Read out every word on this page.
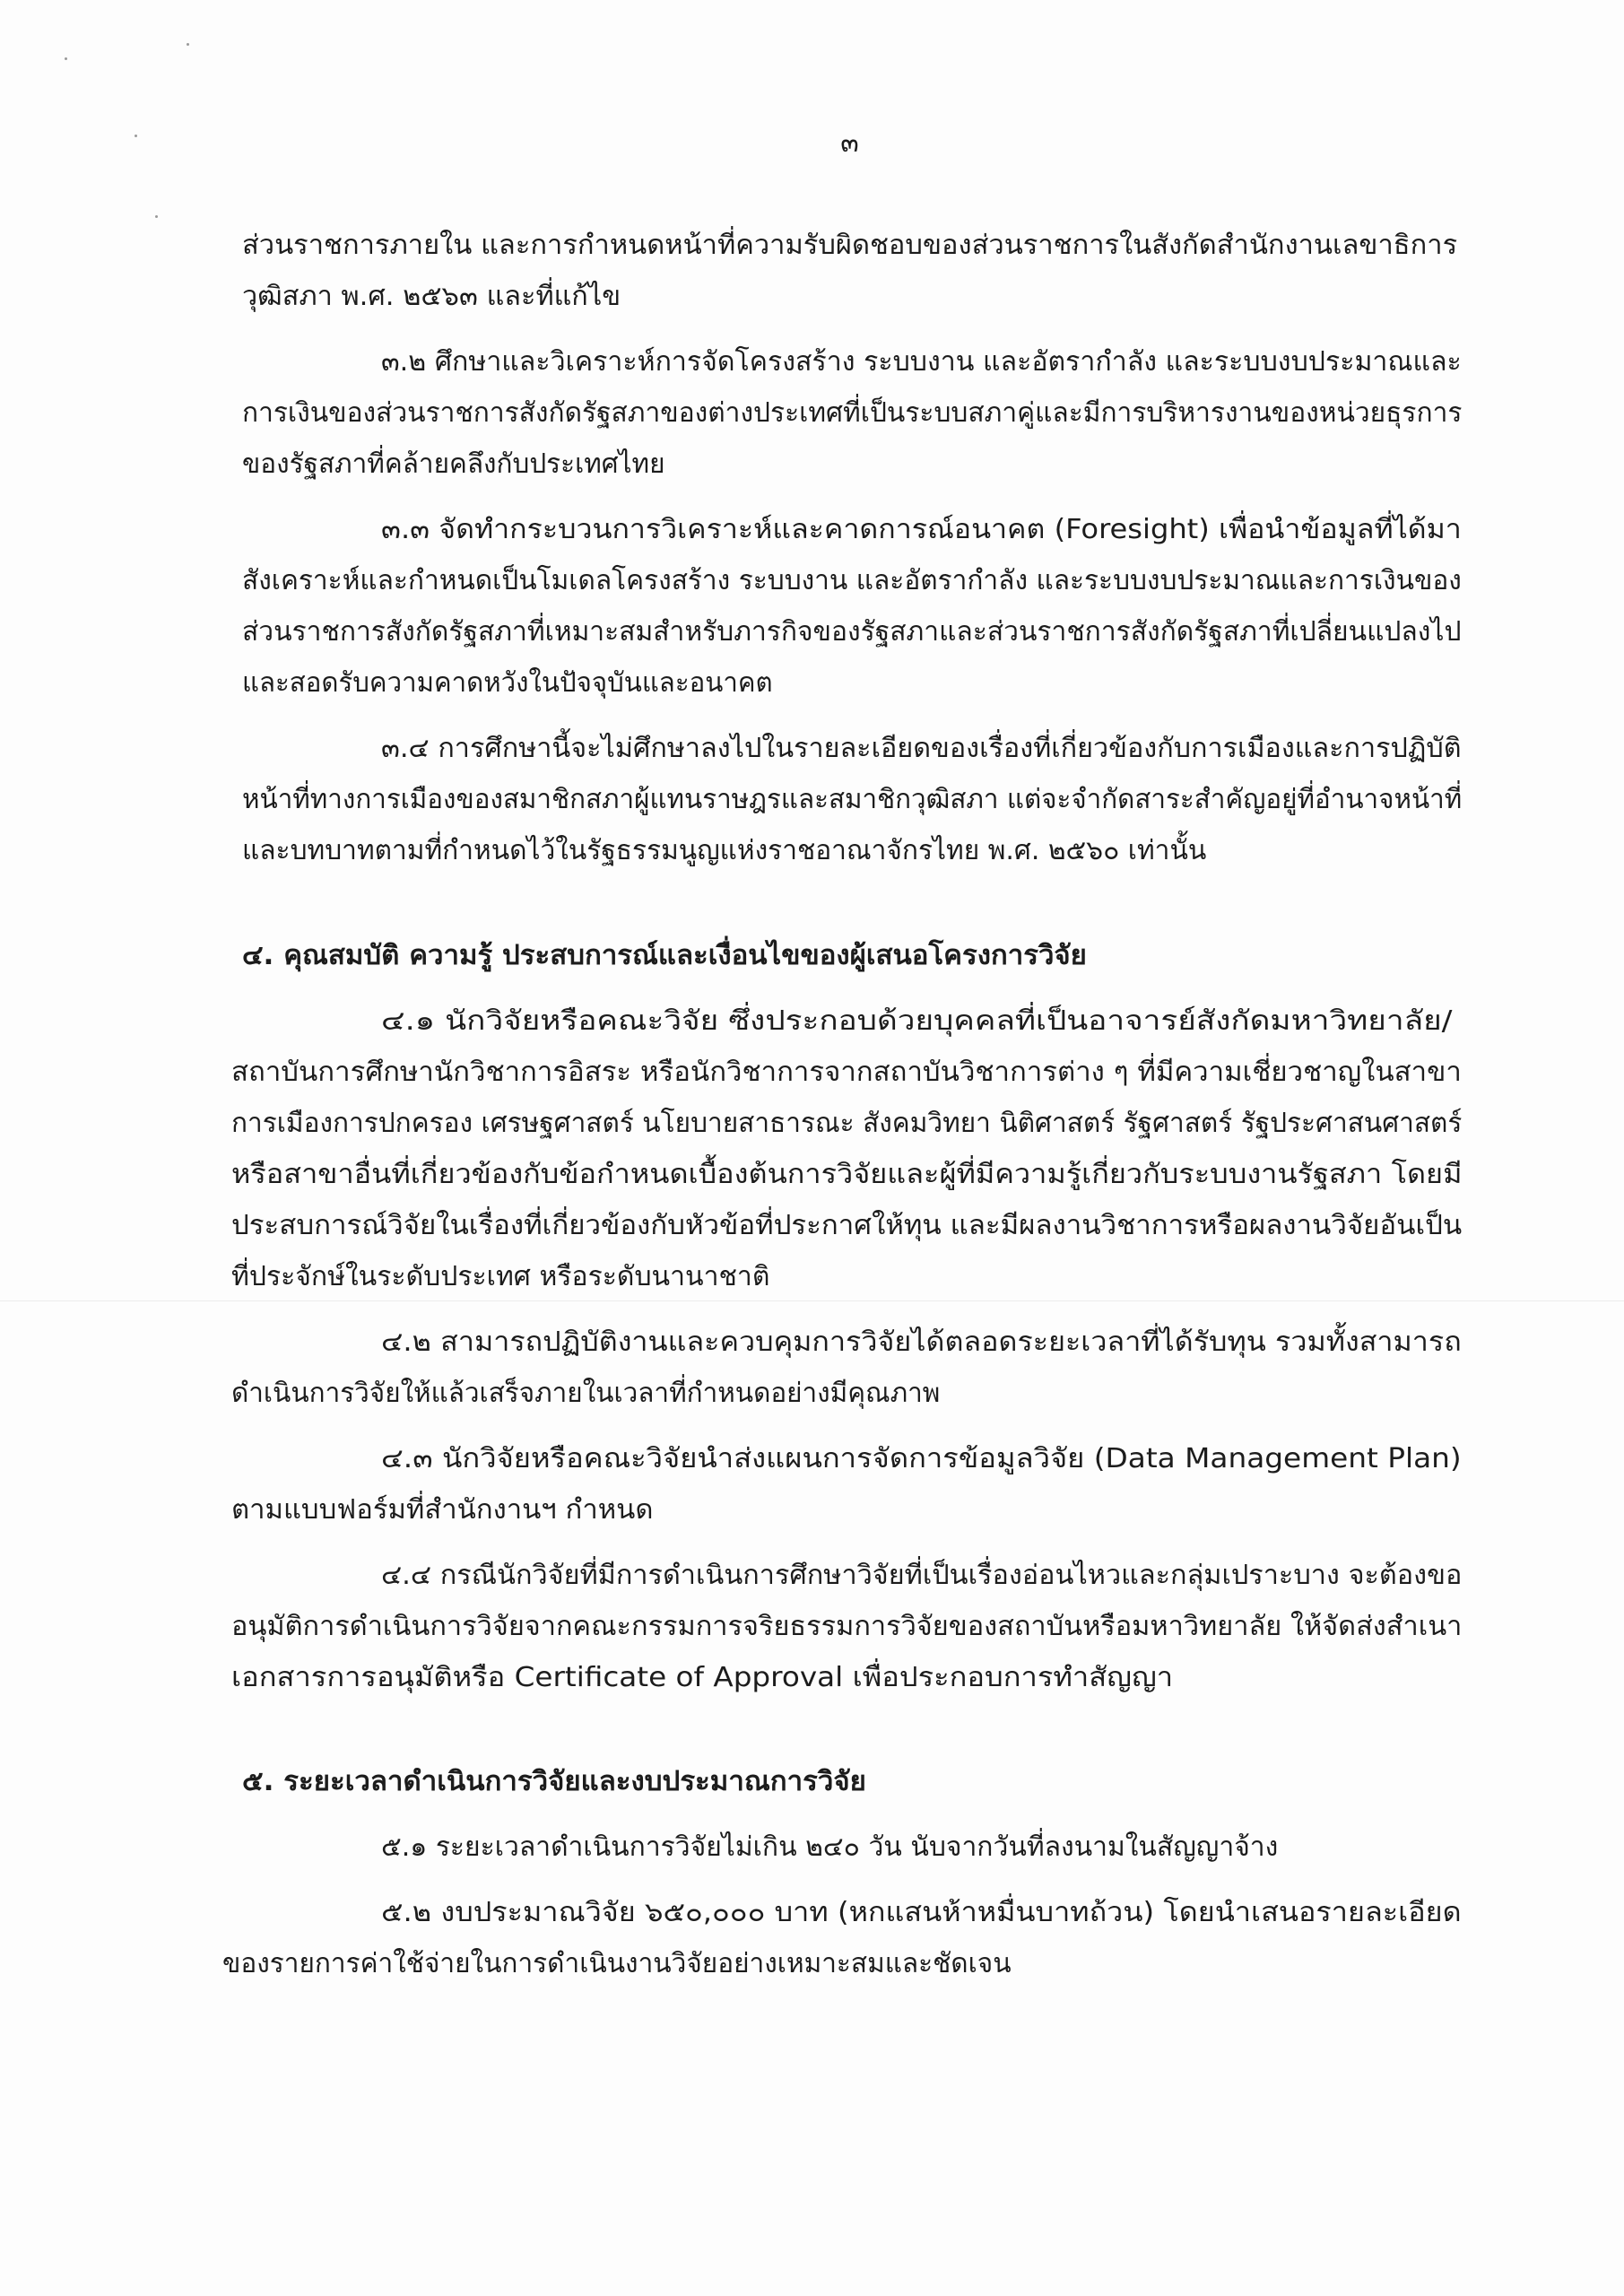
๓
ส่วนราชการภายใน และการกำหนดหน้าที่ความรับผิดชอบของส่วนราชการในสังกัดสำนักงานเลขาธิการ
วุฒิสภา พ.ศ. ๒๕๖๓ และที่แก้ไข
๓.๒ ศึกษาและวิเคราะห์การจัดโครงสร้าง ระบบงาน และอัตรากำลัง และระบบงบประมาณและ
การเงินของส่วนราชการสังกัดรัฐสภาของต่างประเทศที่เป็นระบบสภาคู่และมีการบริหารงานของหน่วยธุรการ
ของรัฐสภาที่คล้ายคลึงกับประเทศไทย
๓.๓ จัดทำกระบวนการวิเคราะห์และคาดการณ์อนาคต (Foresight) เพื่อนำข้อมูลที่ได้มา
สังเคราะห์และกำหนดเป็นโมเดลโครงสร้าง ระบบงาน และอัตรากำลัง และระบบงบประมาณและการเงินของ
ส่วนราชการสังกัดรัฐสภาที่เหมาะสมสำหรับภารกิจของรัฐสภาและส่วนราชการสังกัดรัฐสภาที่เปลี่ยนแปลงไป
และสอดรับความคาดหวังในปัจจุบันและอนาคต
๓.๔ การศึกษานี้จะไม่ศึกษาลงไปในรายละเอียดของเรื่องที่เกี่ยวข้องกับการเมืองและการปฏิบัติ
หน้าที่ทางการเมืองของสมาชิกสภาผู้แทนราษฎรและสมาชิกวุฒิสภา แต่จะจำกัดสาระสำคัญอยู่ที่อำนาจหน้าที่
และบทบาทตามที่กำหนดไว้ในรัฐธรรมนูญแห่งราชอาณาจักรไทย พ.ศ. ๒๕๖๐ เท่านั้น
๔. คุณสมบัติ ความรู้ ประสบการณ์และเงื่อนไขของผู้เสนอโครงการวิจัย
๔.๑ นักวิจัยหรือคณะวิจัย ซึ่งประกอบด้วยบุคคลที่เป็นอาจารย์สังกัดมหาวิทยาลัย/
สถาบันการศึกษานักวิชาการอิสระ หรือนักวิชาการจากสถาบันวิชาการต่าง ๆ ที่มีความเชี่ยวชาญในสาขา
การเมืองการปกครอง เศรษฐศาสตร์ นโยบายสาธารณะ สังคมวิทยา นิติศาสตร์ รัฐศาสตร์ รัฐประศาสนศาสตร์
หรือสาขาอื่นที่เกี่ยวข้องกับข้อกำหนดเบื้องต้นการวิจัยและผู้ที่มีความรู้เกี่ยวกับระบบงานรัฐสภา โดยมี
ประสบการณ์วิจัยในเรื่องที่เกี่ยวข้องกับหัวข้อที่ประกาศให้ทุน และมีผลงานวิชาการหรือผลงานวิจัยอันเป็น
ที่ประจักษ์ในระดับประเทศ หรือระดับนานาชาติ
๔.๒ สามารถปฏิบัติงานและควบคุมการวิจัยได้ตลอดระยะเวลาที่ได้รับทุน รวมทั้งสามารถ
ดำเนินการวิจัยให้แล้วเสร็จภายในเวลาที่กำหนดอย่างมีคุณภาพ
๔.๓ นักวิจัยหรือคณะวิจัยนำส่งแผนการจัดการข้อมูลวิจัย (Data Management Plan)
ตามแบบฟอร์มที่สำนักงานฯ กำหนด
๔.๔ กรณีนักวิจัยที่มีการดำเนินการศึกษาวิจัยที่เป็นเรื่องอ่อนไหวและกลุ่มเปราะบาง จะต้องขอ
อนุมัติการดำเนินการวิจัยจากคณะกรรมการจริยธรรมการวิจัยของสถาบันหรือมหาวิทยาลัย ให้จัดส่งสำเนา
เอกสารการอนุมัติหรือ Certificate of Approval เพื่อประกอบการทำสัญญา
๕. ระยะเวลาดำเนินการวิจัยและงบประมาณการวิจัย
๕.๑ ระยะเวลาดำเนินการวิจัยไม่เกิน ๒๔๐ วัน นับจากวันที่ลงนามในสัญญาจ้าง
๕.๒ งบประมาณวิจัย ๖๕๐,๐๐๐ บาท (หกแสนห้าหมื่นบาทถ้วน) โดยนำเสนอรายละเอียด
ของรายการค่าใช้จ่ายในการดำเนินงานวิจัยอย่างเหมาะสมและชัดเจน
